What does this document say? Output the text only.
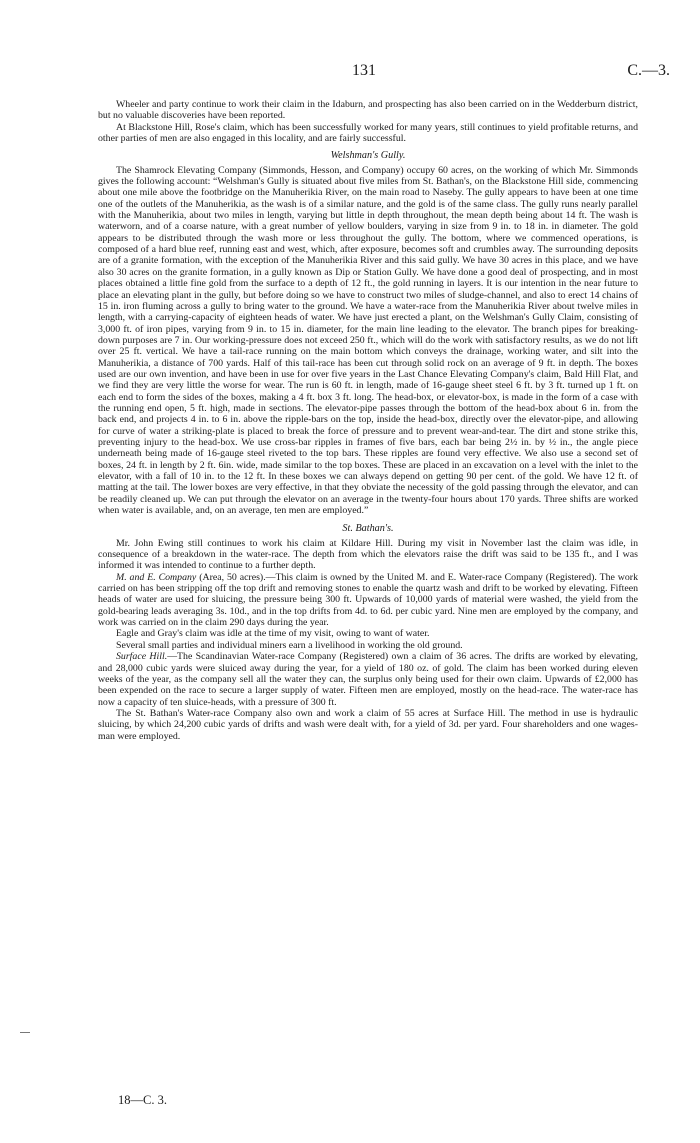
131	C.—3.

Wheeler and party continue to work their claim in the Idaburn, and prospecting has also been carried on in the Wedderburn district, but no valuable discoveries have been reported.

At Blackstone Hill, Rose's claim, which has been successfully worked for many years, still continues to yield profitable returns, and other parties of men are also engaged in this locality, and are fairly successful.

Welshman's Gully.

The Shamrock Elevating Company (Simmonds, Hesson, and Company) occupy 60 acres, on the working of which Mr. Simmonds gives the following account: “Welshman's Gully is situated about five miles from St. Bathan's, on the Blackstone Hill side, commencing about one mile above the footbridge on the Manuherikia River, on the main road to Naseby. The gully appears to have been at one time one of the outlets of the Manuherikia, as the wash is of a similar nature, and the gold is of the same class. The gully runs nearly parallel with the Manuherikia, about two miles in length, varying but little in depth throughout, the mean depth being about 14 ft. The wash is waterworn, and of a coarse nature, with a great number of yellow boulders, varying in size from 9 in. to 18 in. in diameter. The gold appears to be distributed through the wash more or less throughout the gully. The bottom, where we commenced operations, is composed of a hard blue reef, running east and west, which, after exposure, becomes soft and crumbles away. The surrounding deposits are of a granite formation, with the exception of the Manuherikia River and this said gully. We have 30 acres in this place, and we have also 30 acres on the granite formation, in a gully known as Dip or Station Gully. We have done a good deal of prospecting, and in most places obtained a little fine gold from the surface to a depth of 12 ft., the gold running in layers. It is our intention in the near future to place an elevating plant in the gully, but before doing so we have to construct two miles of sludge-channel, and also to erect 14 chains of 15 in. iron fluming across a gully to bring water to the ground. We have a water-race from the Manuherikia River about twelve miles in length, with a carrying-capacity of eighteen heads of water. We have just erected a plant, on the Welshman's Gully Claim, consisting of 3,000 ft. of iron pipes, varying from 9 in. to 15 in. diameter, for the main line leading to the elevator. The branch pipes for breaking-down purposes are 7 in. Our working-pressure does not exceed 250 ft., which will do the work with satisfactory results, as we do not lift over 25 ft. vertical. We have a tail-race running on the main bottom which conveys the drainage, working water, and silt into the Manuherikia, a distance of 700 yards. Half of this tail-race has been cut through solid rock on an average of 9 ft. in depth. The boxes used are our own invention, and have been in use for over five years in the Last Chance Elevating Company's claim, Bald Hill Flat, and we find they are very little the worse for wear. The run is 60 ft. in length, made of 16-gauge sheet steel 6 ft. by 3 ft. turned up 1 ft. on each end to form the sides of the boxes, making a 4 ft. box 3 ft. long. The head-box, or elevator-box, is made in the form of a case with the running end open, 5 ft. high, made in sections. The elevator-pipe passes through the bottom of the head-box about 6 in. from the back end, and projects 4 in. to 6 in. above the ripple-bars on the top, inside the head-box, directly over the elevator-pipe, and allowing for curve of water a striking-plate is placed to break the force of pressure and to prevent wear-and-tear. The dirt and stone strike this, preventing injury to the head-box. We use cross-bar ripples in frames of five bars, each bar being 2½ in. by ½ in., the angle piece underneath being made of 16-gauge steel riveted to the top bars. These ripples are found very effective. We also use a second set of boxes, 24 ft. in length by 2 ft. 6in. wide, made similar to the top boxes. These are placed in an excavation on a level with the inlet to the elevator, with a fall of 10 in. to the 12 ft. In these boxes we can always depend on getting 90 per cent. of the gold. We have 12 ft. of matting at the tail. The lower boxes are very effective, in that they obviate the necessity of the gold passing through the elevator, and can be readily cleaned up. We can put through the elevator on an average in the twenty-four hours about 170 yards. Three shifts are worked when water is available, and, on an average, ten men are employed.”

St. Bathan's.

Mr. John Ewing still continues to work his claim at Kildare Hill. During my visit in November last the claim was idle, in consequence of a breakdown in the water-race. The depth from which the elevators raise the drift was said to be 135 ft., and I was informed it was intended to continue to a further depth.

M. and E. Company (Area, 50 acres).—This claim is owned by the United M. and E. Water-race Company (Registered). The work carried on has been stripping off the top drift and removing stones to enable the quartz wash and drift to be worked by elevating. Fifteen heads of water are used for sluicing, the pressure being 300 ft. Upwards of 10,000 yards of material were washed, the yield from the gold-bearing leads averaging 3s. 10d., and in the top drifts from 4d. to 6d. per cubic yard. Nine men are employed by the company, and work was carried on in the claim 290 days during the year.

Eagle and Gray's claim was idle at the time of my visit, owing to want of water.

Several small parties and individual miners earn a livelihood in working the old ground.

Surface Hill.—The Scandinavian Water-race Company (Registered) own a claim of 36 acres. The drifts are worked by elevating, and 28,000 cubic yards were sluiced away during the year, for a yield of 180 oz. of gold. The claim has been worked during eleven weeks of the year, as the company sell all the water they can, the surplus only being used for their own claim. Upwards of £2,000 has been expended on the race to secure a larger supply of water. Fifteen men are employed, mostly on the head-race. The water-race has now a capacity of ten sluice-heads, with a pressure of 300 ft.

The St. Bathan's Water-race Company also own and work a claim of 55 acres at Surface Hill. The method in use is hydraulic sluicing, by which 24,200 cubic yards of drifts and wash were dealt with, for a yield of 3d. per yard. Four shareholders and one wages-man were employed.

18—C. 3.
